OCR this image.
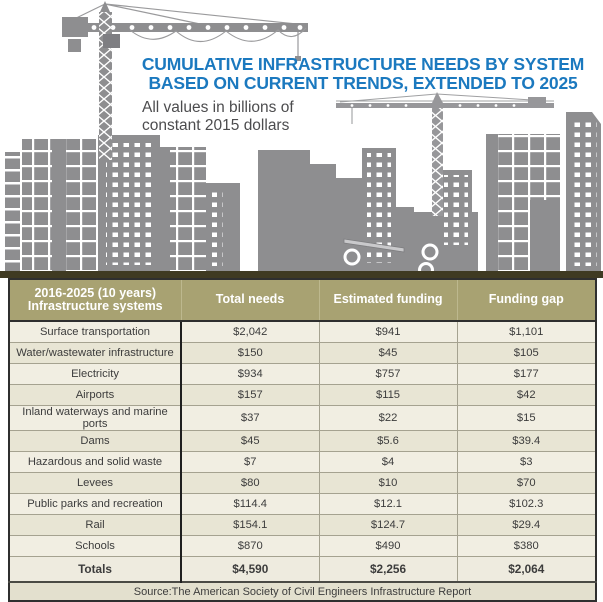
CUMULATIVE INFRASTRUCTURE NEEDS BY SYSTEM
BASED ON CURRENT TRENDS, EXTENDED TO 2025
All values in billions of
constant 2015 dollars
2016-2025 (10 years)
Infrastructure systems	Total needs	Estimated funding	Funding gap
Surface transportation	$2,042	$941	$1,101
Water/wastewater infrastructure	$150	$45	$105
Electricity	$934	$757	$177
Airports	$157	$115	$42
Inland waterways and marine ports	$37	$22	$15
Dams	$45	$5.6	$39.4
Hazardous and solid waste	$7	$4	$3
Levees	$80	$10	$70
Public parks and recreation	$114.4	$12.1	$102.3
Rail	$154.1	$124.7	$29.4
Schools	$870	$490	$380
Totals	$4,590	$2,256	$2,064
Source:The American Society of Civil Engineers Infrastructure Report			
